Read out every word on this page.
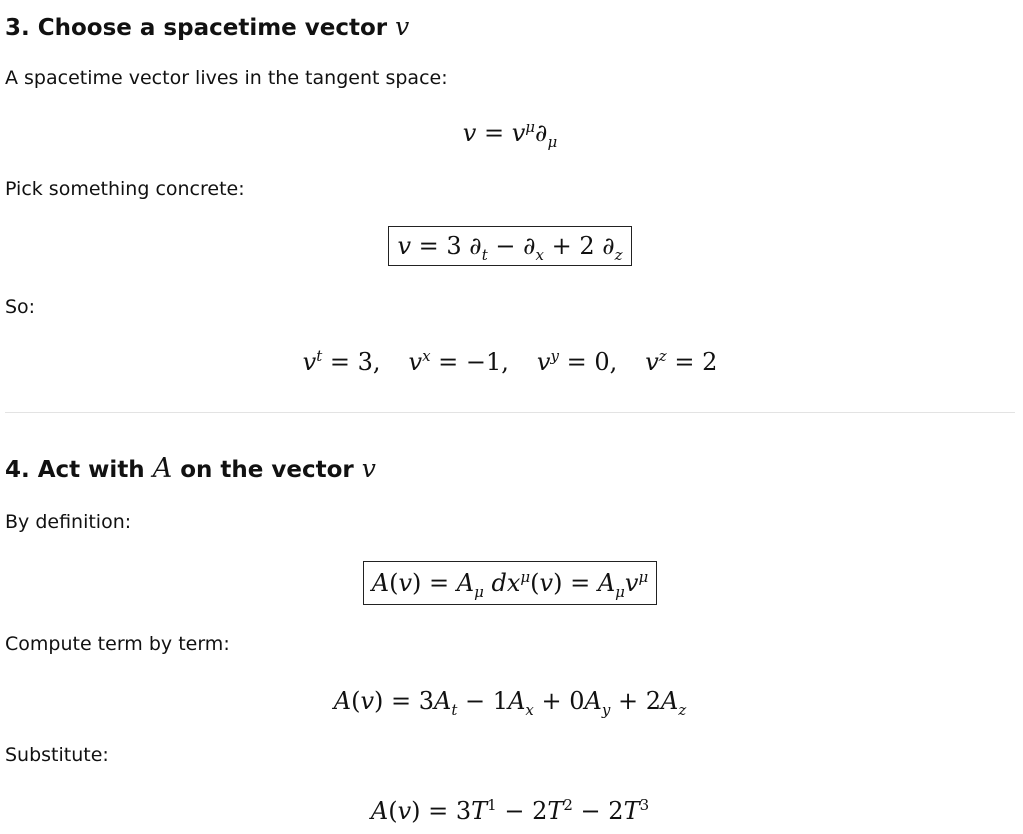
3. Choose a spacetime vector v

A spacetime vector lives in the tangent space:

$v = v^\mu\partial_\mu$

Pick something concrete:

v = 3 $\partial_t - \partial_x + 2$ $\partial_z$

So:

$v^t = 3$, $v^x = -1$, $v^y = 0$, $v^z = 2$
4. Act with A on the vector v

By definition:

$A(v) = A_\mu$ $dx^\mu(v) = A_\mu v^\mu$

Compute term by term:

$A(v) = 3A_t - 1A_x + 0A_y + 2A_z$

Substitute:

$A(v) = 3T^1 - 2T^2 - 2T^3$
